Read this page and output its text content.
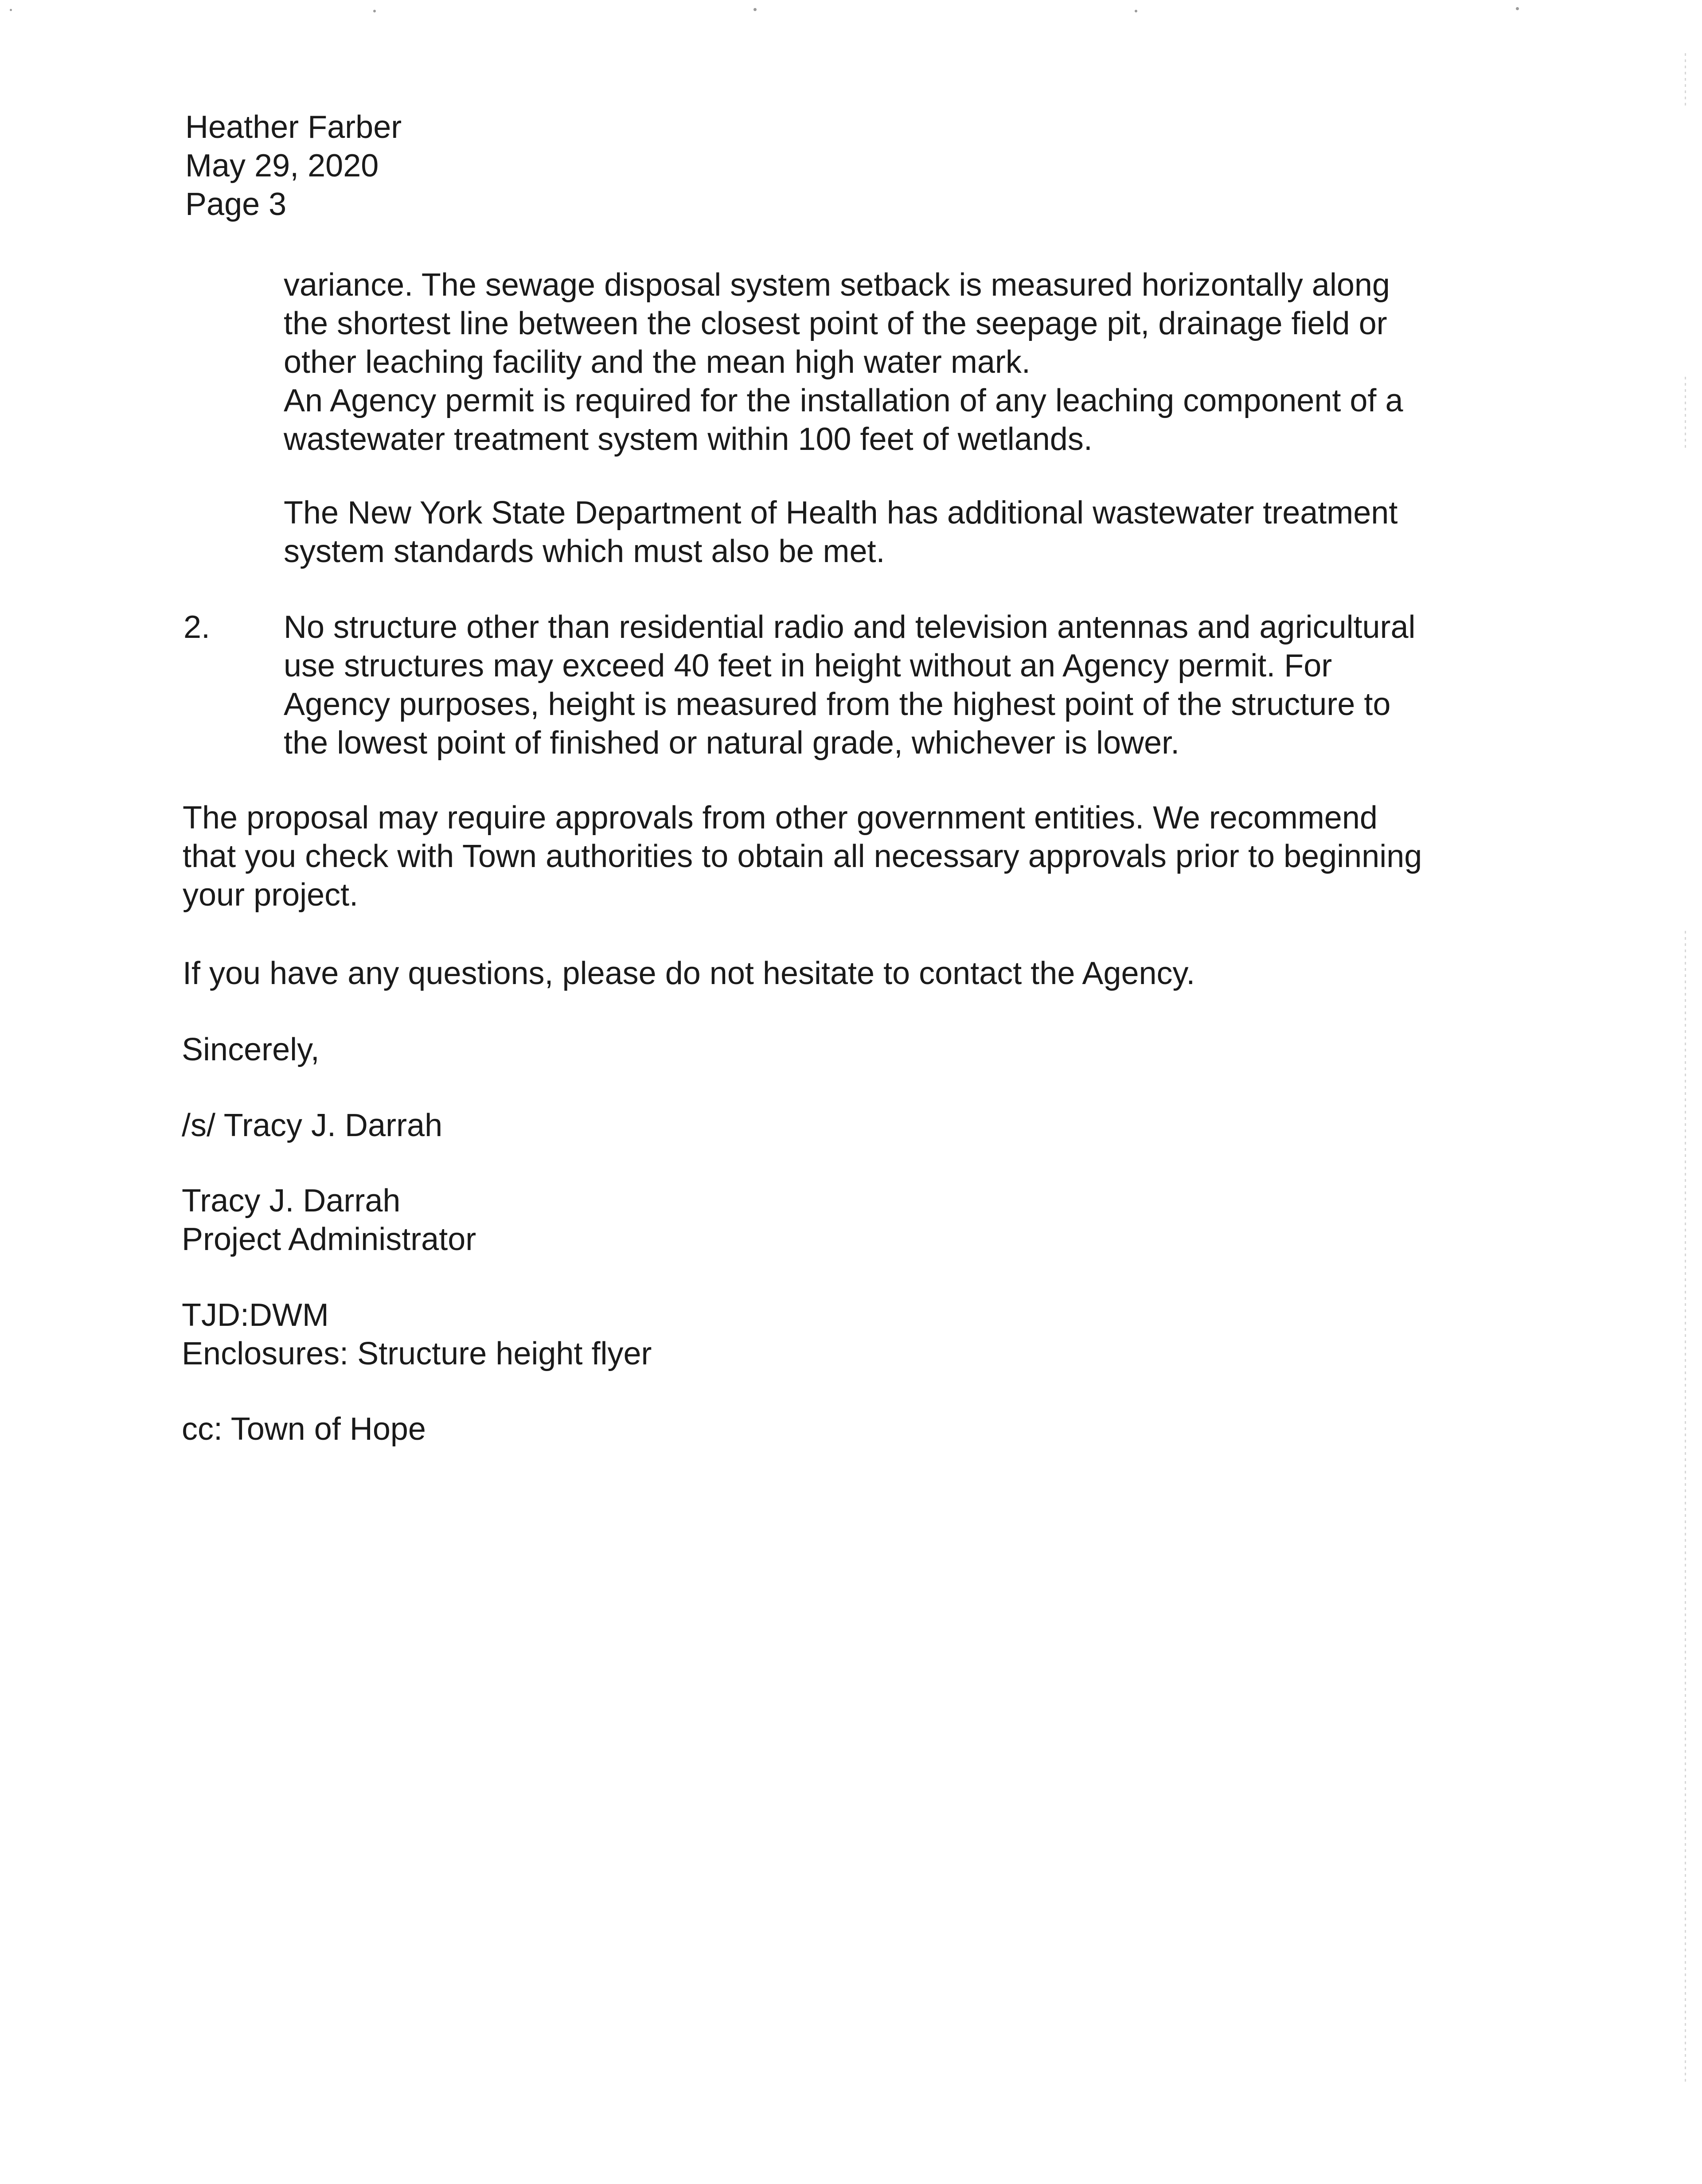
Heather Farber
May 29, 2020
Page 3
variance. The sewage disposal system setback is measured horizontally along
the shortest line between the closest point of the seepage pit, drainage field or
other leaching facility and the mean high water mark.
An Agency permit is required for the installation of any leaching component of a
wastewater treatment system within 100 feet of wetlands.
The New York State Department of Health has additional wastewater treatment
system standards which must also be met.
2. No structure other than residential radio and television antennas and agricultural
use structures may exceed 40 feet in height without an Agency permit. For
Agency purposes, height is measured from the highest point of the structure to
the lowest point of finished or natural grade, whichever is lower.
The proposal may require approvals from other government entities. We recommend
that you check with Town authorities to obtain all necessary approvals prior to beginning
your project.
If you have any questions, please do not hesitate to contact the Agency.
Sincerely,
/s/ Tracy J. Darrah
Tracy J. Darrah
Project Administrator
TJD:DWM
Enclosures: Structure height flyer
cc: Town of Hope
